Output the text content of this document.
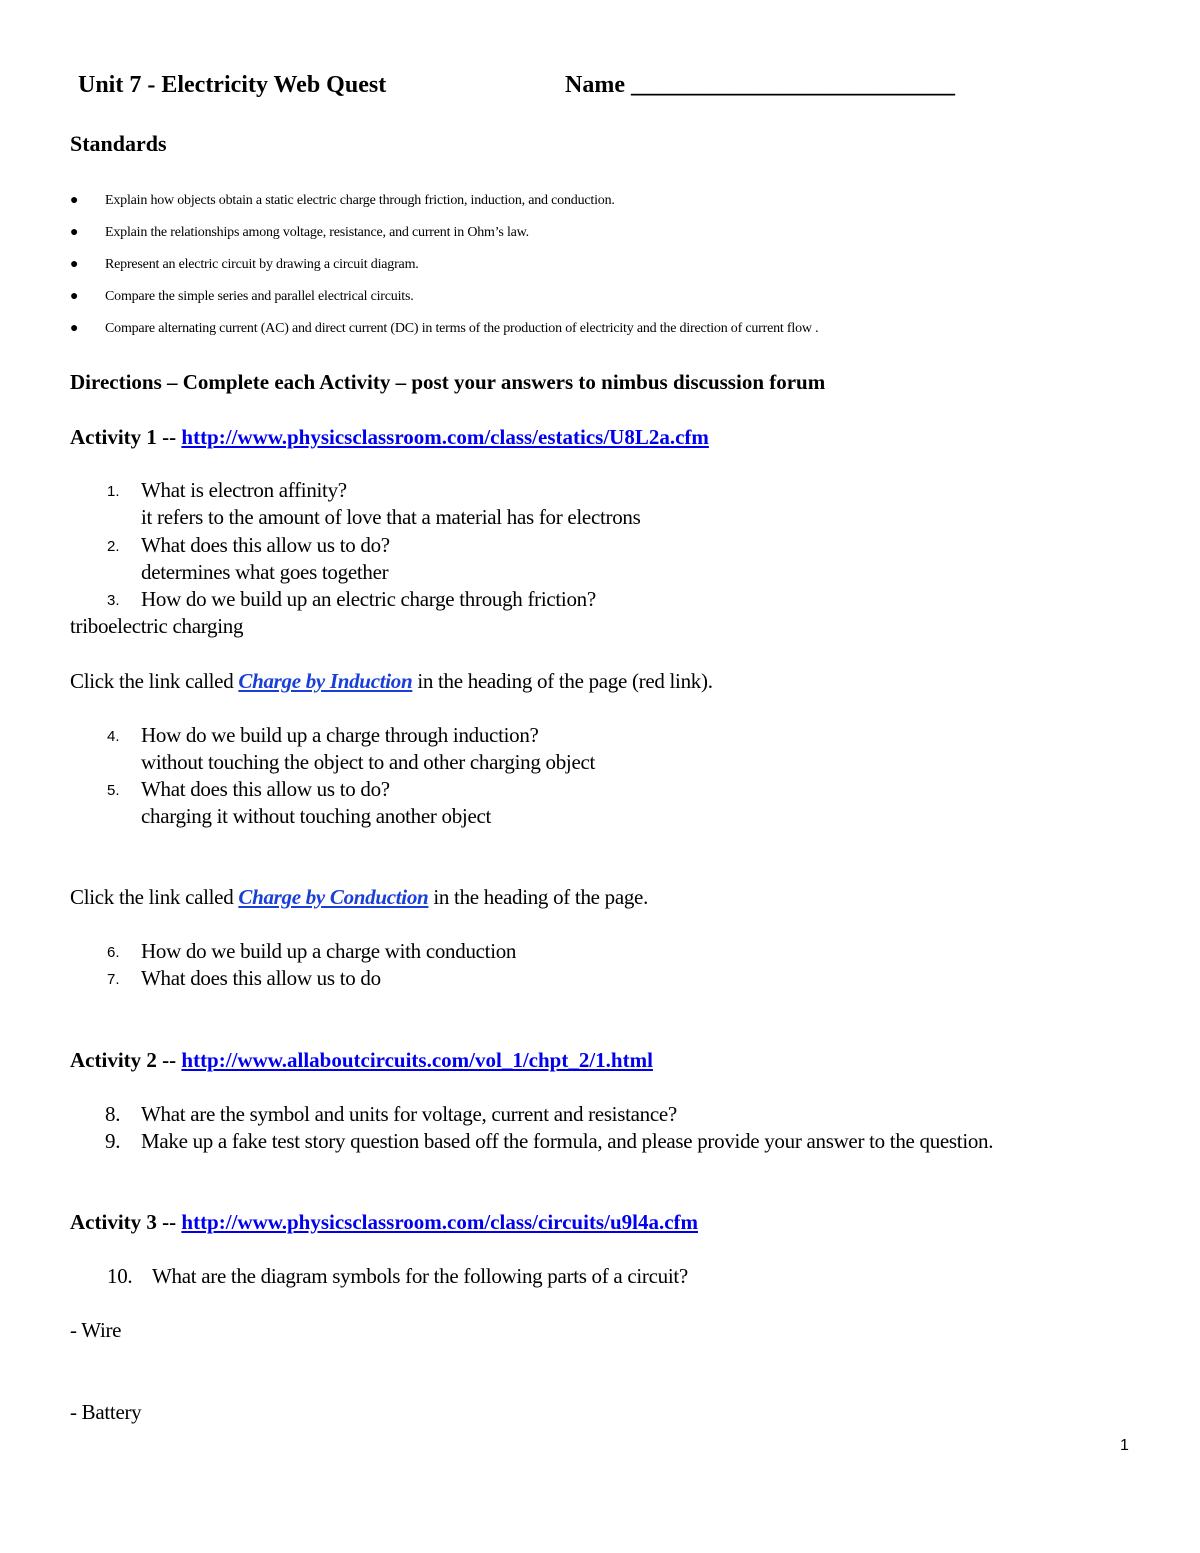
Unit 7 - Electricity Web Quest	Name ___________________________
Standards
● Explain how objects obtain a static electric charge through friction, induction, and conduction.
● Explain the relationships among voltage, resistance, and current in Ohm’s law.
● Represent an electric circuit by drawing a circuit diagram.
● Compare the simple series and parallel electrical circuits.
● Compare alternating current (AC) and direct current (DC) in terms of the production of electricity and the direction of current flow .
Directions – Complete each Activity – post your answers to nimbus discussion forum
Activity 1 -- http://www.physicsclassroom.com/class/estatics/U8L2a.cfm
1. What is electron affinity?
it refers to the amount of love that a material has for electrons
2. What does this allow us to do?
determines what goes together
3. How do we build up an electric charge through friction?
triboelectric charging
Click the link called Charge by Induction in the heading of the page (red link).
4. How do we build up a charge through induction?
without touching the object to and other charging object
5. What does this allow us to do?
charging it without touching another object
Click the link called Charge by Conduction in the heading of the page.
6. How do we build up a charge with conduction
7. What does this allow us to do
Activity 2 -- http://www.allaboutcircuits.com/vol_1/chpt_2/1.html
8. What are the symbol and units for voltage, current and resistance?
9. Make up a fake test story question based off the formula, and please provide your answer to the question.
Activity 3 -- http://www.physicsclassroom.com/class/circuits/u9l4a.cfm
10. What are the diagram symbols for the following parts of a circuit?
- Wire
- Battery
1
